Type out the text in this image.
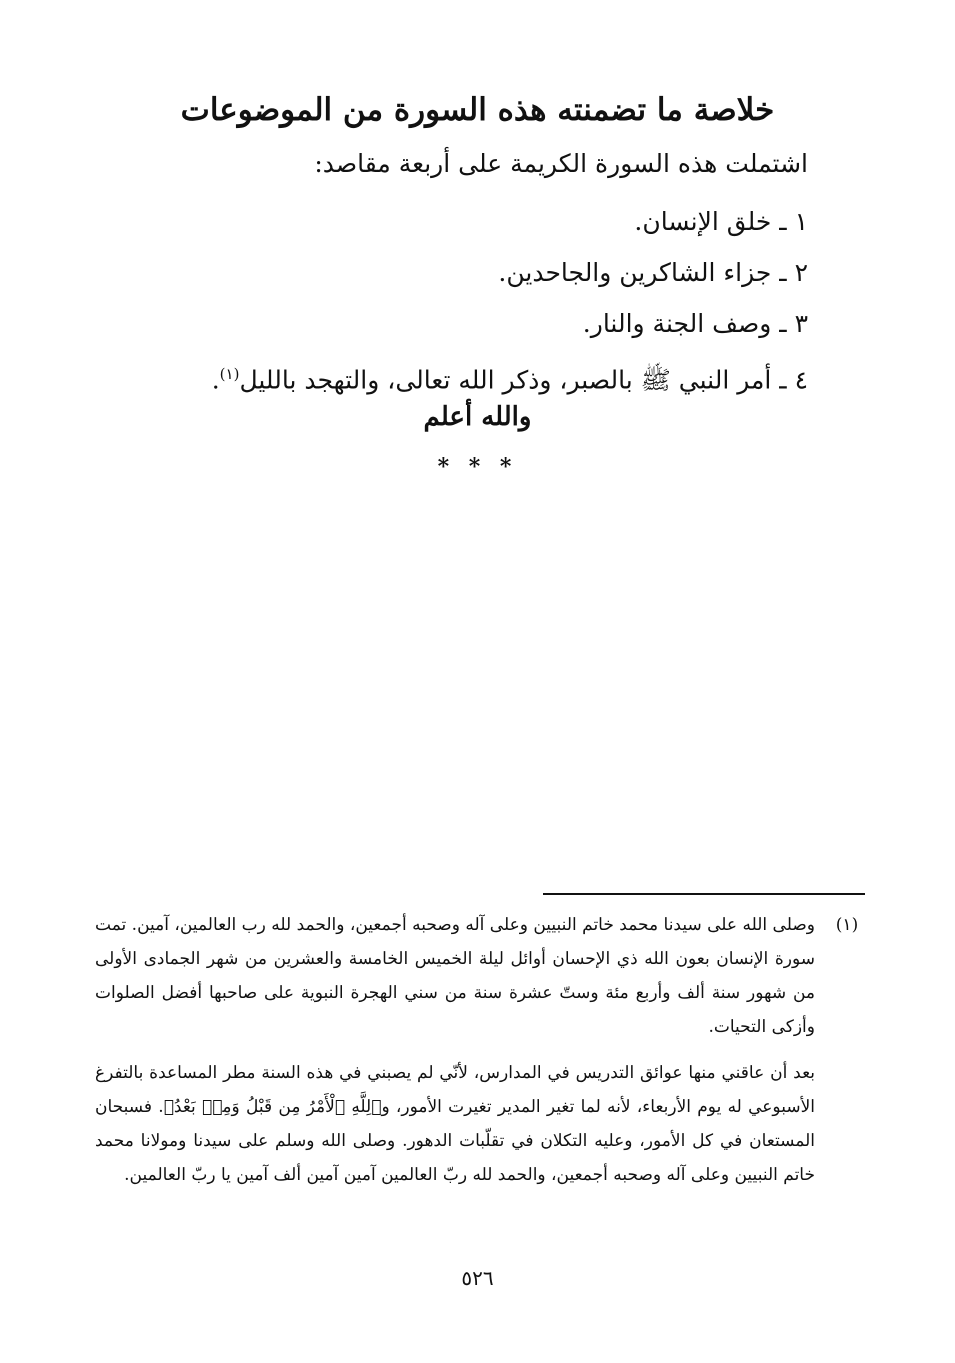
خلاصة ما تضمنته هذه السورة من الموضوعات

اشتملت هذه السورة الكريمة على أربعة مقاصد:

١ ـ خلق الإنسان.
٢ ـ جزاء الشاكرين والجاحدين.
٣ ـ وصف الجنة والنار.
٤ ـ أمر النبي ﷺ بالصبر، وذكر الله تعالى، والتهجد بالليل$^{(١)}$.

والله أعلم

* * *

(١)

وصلى الله على سيدنا محمد خاتم النبيين وعلى آله وصحبه أجمعين، والحمد لله رب العالمين، آمين. تمت سورة الإنسان بعون الله ذي الإحسان أوائل ليلة الخميس الخامسة والعشرين من شهر الجمادى الأولى من شهور سنة ألف وأربع مئة وستّ عشرة سنة من سني الهجرة النبوية على صاحبها أفضل الصلوات وأزكى التحيات.

بعد أن عاقني منها عوائق التدريس في المدارس، لأنّي لم يصبني في هذه السنة مطر المساعدة بالتفرغ الأسبوعي له يوم الأربعاء، لأنه لما تغير المدير تغيرت الأمور، و﴿لِلَّهِ ٱلْأَمْرُ مِن قَبْلُ وَمِنۢ بَعْدُ﴾. فسبحان المستعان في كل الأمور، وعليه التكلان في تقلّبات الدهور. وصلى الله وسلم على سيدنا ومولانا محمد خاتم النبيين وعلى آله وصحبه أجمعين، والحمد لله ربّ العالمين آمين آمين ألف آمين يا ربّ العالمين.

٥٢٦
